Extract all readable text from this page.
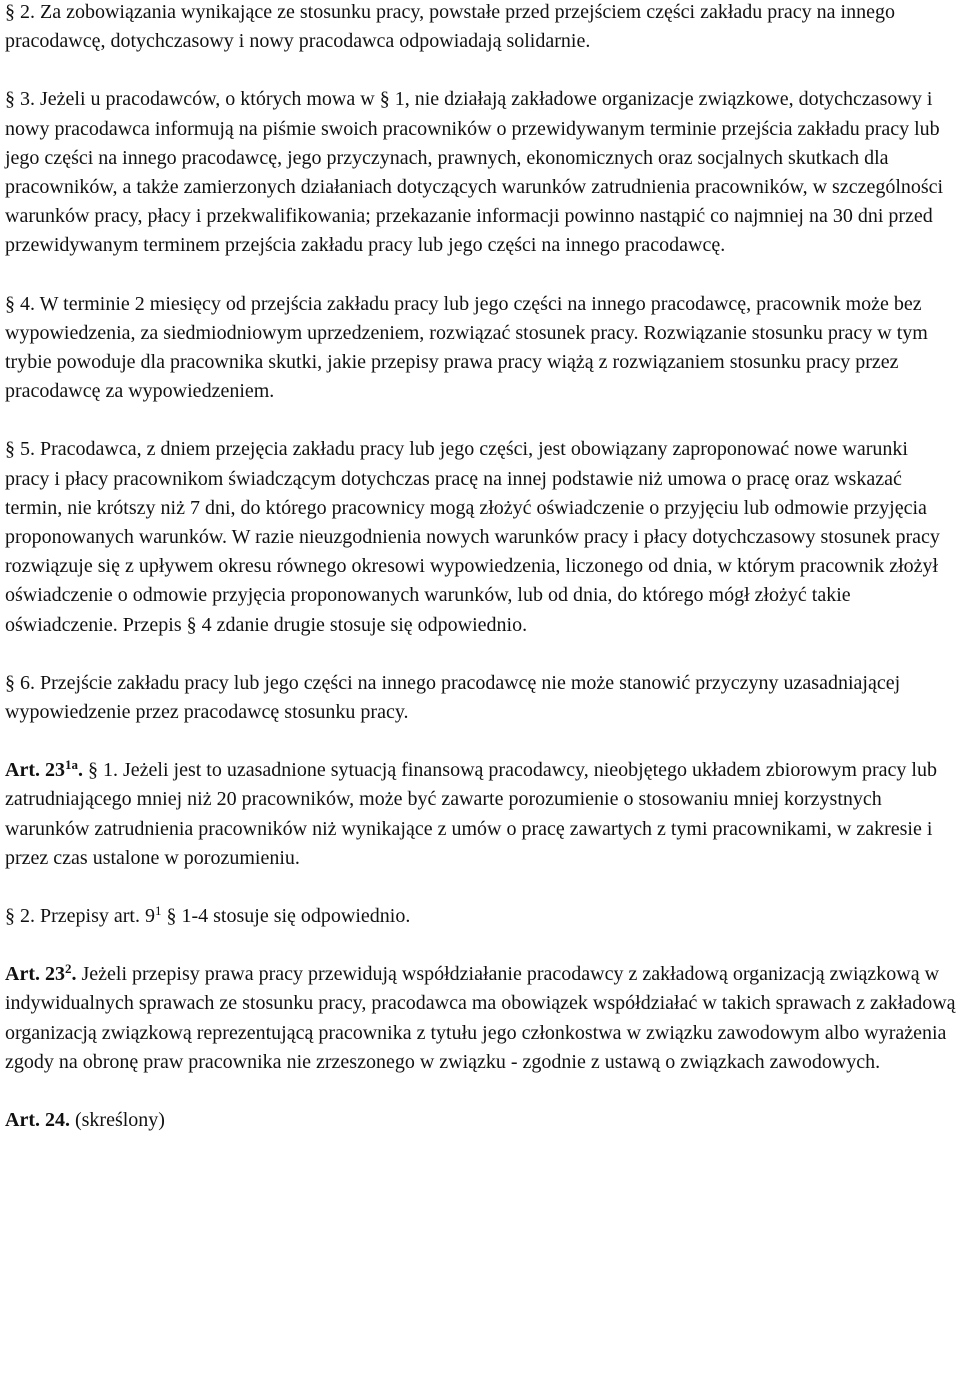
§ 2. Za zobowiązania wynikające ze stosunku pracy, powstałe przed przejściem części zakładu pracy na innego pracodawcę, dotychczasowy i nowy pracodawca odpowiadają solidarnie.

§ 3. Jeżeli u pracodawców, o których mowa w § 1, nie działają zakładowe organizacje związkowe, dotychczasowy i nowy pracodawca informują na piśmie swoich pracowników o przewidywanym terminie przejścia zakładu pracy lub jego części na innego pracodawcę, jego przyczynach, prawnych, ekonomicznych oraz socjalnych skutkach dla pracowników, a także zamierzonych działaniach dotyczących warunków zatrudnienia pracowników, w szczególności warunków pracy, płacy i przekwalifikowania; przekazanie informacji powinno nastąpić co najmniej na 30 dni przed przewidywanym terminem przejścia zakładu pracy lub jego części na innego pracodawcę.

§ 4. W terminie 2 miesięcy od przejścia zakładu pracy lub jego części na innego pracodawcę, pracownik może bez wypowiedzenia, za siedmiodniowym uprzedzeniem, rozwiązać stosunek pracy. Rozwiązanie stosunku pracy w tym trybie powoduje dla pracownika skutki, jakie przepisy prawa pracy wiążą z rozwiązaniem stosunku pracy przez pracodawcę za wypowiedzeniem.

§ 5. Pracodawca, z dniem przejęcia zakładu pracy lub jego części, jest obowiązany zaproponować nowe warunki pracy i płacy pracownikom świadczącym dotychczas pracę na innej podstawie niż umowa o pracę oraz wskazać termin, nie krótszy niż 7 dni, do którego pracownicy mogą złożyć oświadczenie o przyjęciu lub odmowie przyjęcia proponowanych warunków. W razie nieuzgodnienia nowych warunków pracy i płacy dotychczasowy stosunek pracy rozwiązuje się z upływem okresu równego okresowi wypowiedzenia, liczonego od dnia, w którym pracownik złożył oświadczenie o odmowie przyjęcia proponowanych warunków, lub od dnia, do którego mógł złożyć takie oświadczenie. Przepis § 4 zdanie drugie stosuje się odpowiednio.

§ 6. Przejście zakładu pracy lub jego części na innego pracodawcę nie może stanowić przyczyny uzasadniającej wypowiedzenie przez pracodawcę stosunku pracy.

Art. $23^{1a}$. § 1. Jeżeli jest to uzasadnione sytuacją finansową pracodawcy, nieobjętego układem zbiorowym pracy lub zatrudniającego mniej niż 20 pracowników, może być zawarte porozumienie o stosowaniu mniej korzystnych warunków zatrudnienia pracowników niż wynikające z umów o pracę zawartych z tymi pracownikami, w zakresie i przez czas ustalone w porozumieniu.

§ 2. Przepisy art. $9^1$ § 1-4 stosuje się odpowiednio.

Art. $23^2$. Jeżeli przepisy prawa pracy przewidują współdziałanie pracodawcy z zakładową organizacją związkową w indywidualnych sprawach ze stosunku pracy, pracodawca ma obowiązek współdziałać w takich sprawach z zakładową organizacją związkową reprezentującą pracownika z tytułu jego członkostwa w związku zawodowym albo wyrażenia zgody na obronę praw pracownika nie zrzeszonego w związku - zgodnie z ustawą o związkach zawodowych.

Art. 24. (skreślony)
